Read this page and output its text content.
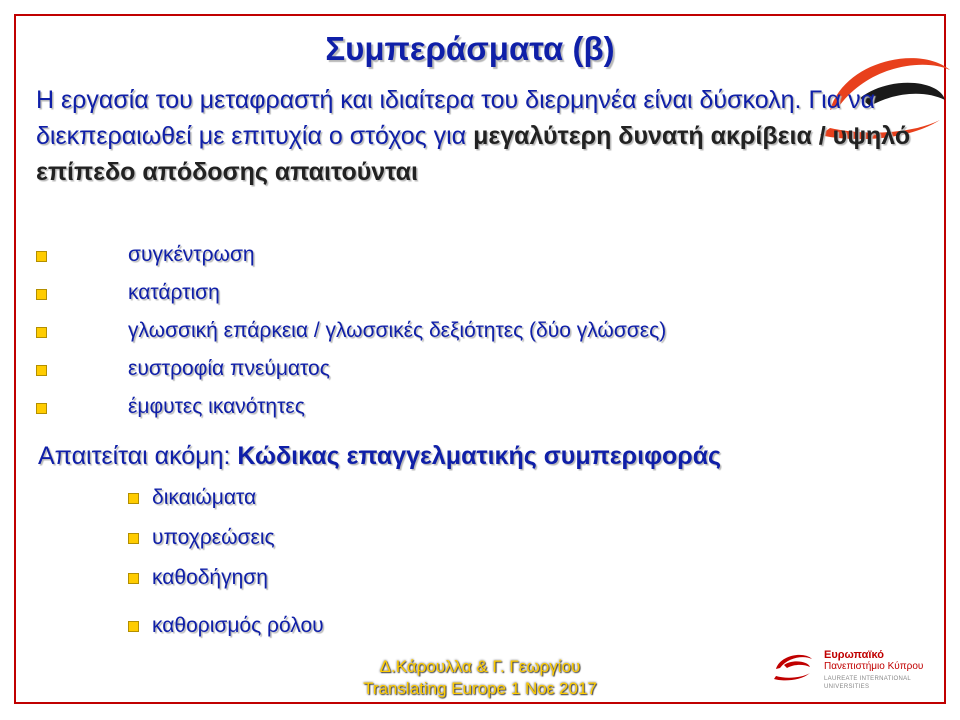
Συμπεράσματα (β)
Η εργασία του μεταφραστή και ιδιαίτερα του διερμηνέα είναι δύσκολη. Για να διεκπεραιωθεί με επιτυχία ο στόχος για μεγαλύτερη δυνατή ακρίβεια / υψηλό επίπεδο απόδοσης απαιτούνται
συγκέντρωση
κατάρτιση
γλωσσική επάρκεια / γλωσσικές δεξιότητες (δύο γλώσσες)
ευστροφία πνεύματος
έμφυτες ικανότητες
Απαιτείται ακόμη: Κώδικας επαγγελματικής συμπεριφοράς
δικαιώματα
υποχρεώσεις
καθοδήγηση
καθορισμός ρόλου
Δ.Κάρουλλα & Γ. Γεωργίου
Translating Europe 1 Noε 2017
Ευρωπαϊκό
Πανεπιστήμιο Κύπρου
LAUREATE INTERNATIONAL UNIVERSITIES
